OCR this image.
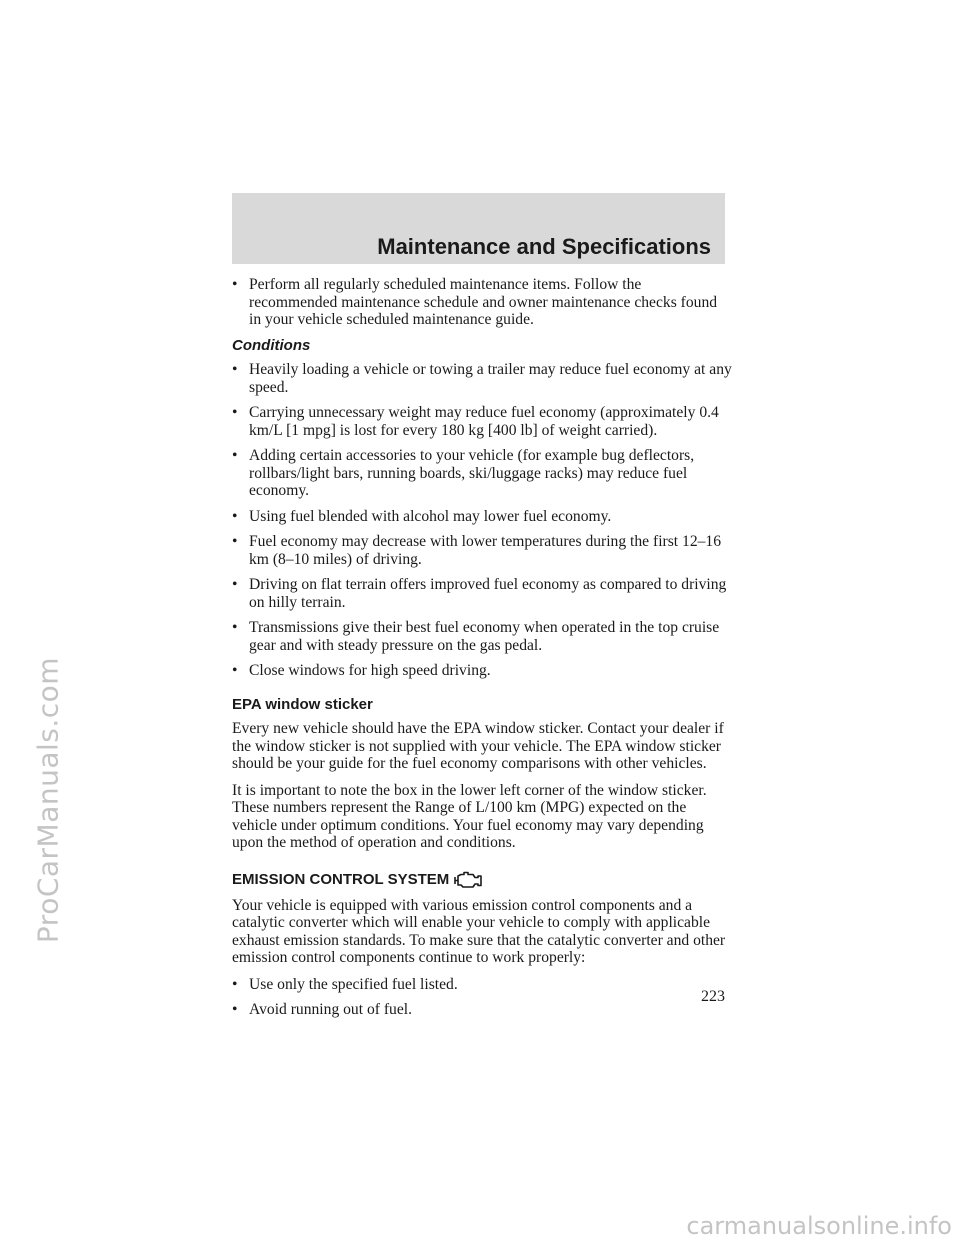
ProCarManuals.com
Maintenance and Specifications
• Perform all regularly scheduled maintenance items. Follow the recommended maintenance schedule and owner maintenance checks found in your vehicle scheduled maintenance guide.
Conditions
• Heavily loading a vehicle or towing a trailer may reduce fuel economy at any speed.
• Carrying unnecessary weight may reduce fuel economy (approximately 0.4 km/L [1 mpg] is lost for every 180 kg [400 lb] of weight carried).
• Adding certain accessories to your vehicle (for example bug deflectors, rollbars/light bars, running boards, ski/luggage racks) may reduce fuel economy.
• Using fuel blended with alcohol may lower fuel economy.
• Fuel economy may decrease with lower temperatures during the first 12–16 km (8–10 miles) of driving.
• Driving on flat terrain offers improved fuel economy as compared to driving on hilly terrain.
• Transmissions give their best fuel economy when operated in the top cruise gear and with steady pressure on the gas pedal.
• Close windows for high speed driving.
EPA window sticker

Every new vehicle should have the EPA window sticker. Contact your dealer if the window sticker is not supplied with your vehicle. The EPA window sticker should be your guide for the fuel economy comparisons with other vehicles.

It is important to note the box in the lower left corner of the window sticker. These numbers represent the Range of L/100 km (MPG) expected on the vehicle under optimum conditions. Your fuel economy may vary depending upon the method of operation and conditions.

EMISSION CONTROL SYSTEM

Your vehicle is equipped with various emission control components and a catalytic converter which will enable your vehicle to comply with applicable exhaust emission standards. To make sure that the catalytic converter and other emission control components continue to work properly:

• Use only the specified fuel listed.
• Avoid running out of fuel.

223

carmanualsonline.info
